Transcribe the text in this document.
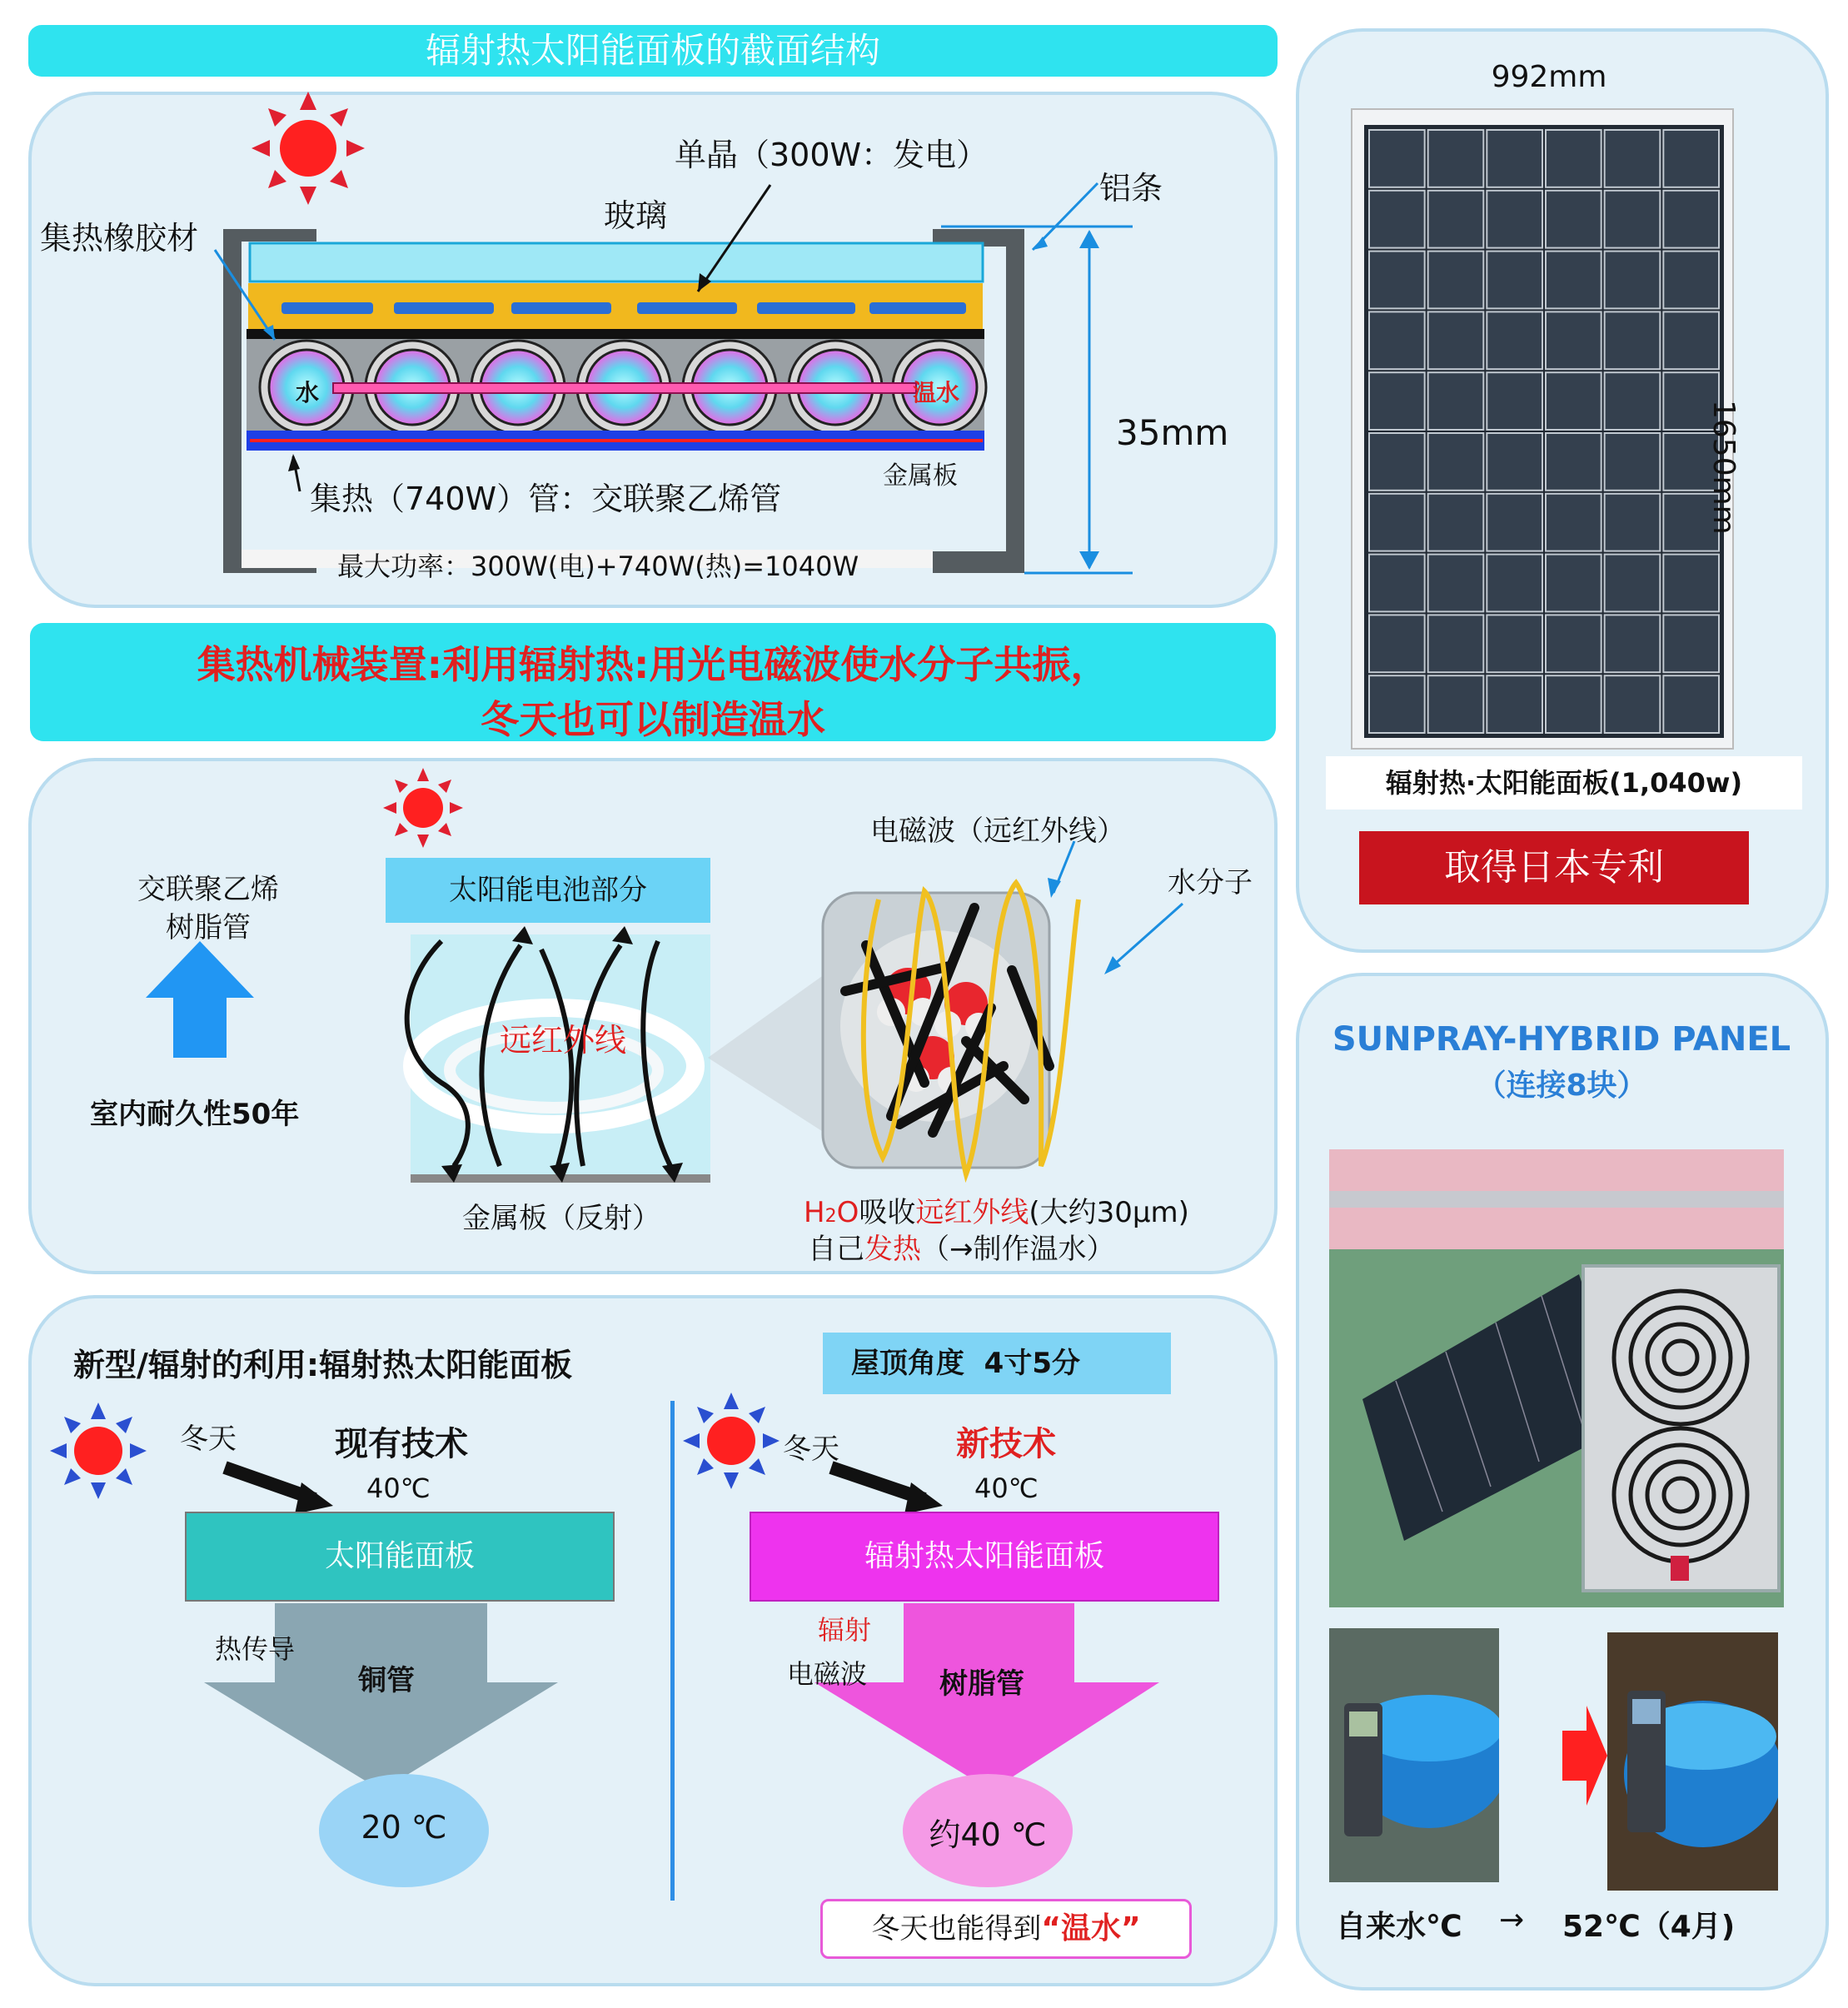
辐射热太阳能面板的截面结构
单晶（300W：发电）
玻璃
铝条
集热橡胶材
水	温水
35mm
金属板
集热（740W）管：交联聚乙烯管
最大功率：300W(电)+740W(热)=1040W
集热机械装置:利用辐射热:用光电磁波使水分子共振，
冬天也可以制造温水
交联聚乙烯
树脂管
室内耐久性50年
太阳能电池部分
远红外线
金属板（反射）
电磁波（远红外线）
水分子
H2O吸收远红外线(大约30μm)
自己发热（→制作温水）
新型/辐射的利用:辐射热太阳能面板	屋顶角度  4寸5分
冬天	现有技术
40℃
太阳能面板
热传导
铜管
20 ℃
冬天	新技术
40℃
辐射热太阳能面板
辐射
电磁波	树脂管
约40 ℃
冬天也能得到“温水”
992mm
1650mm
辐射热·太阳能面板(1,040w)
取得日本专利
SUNPRAY-HYBRID PANEL
（连接8块）
自来水℃ → 52℃（4月)
